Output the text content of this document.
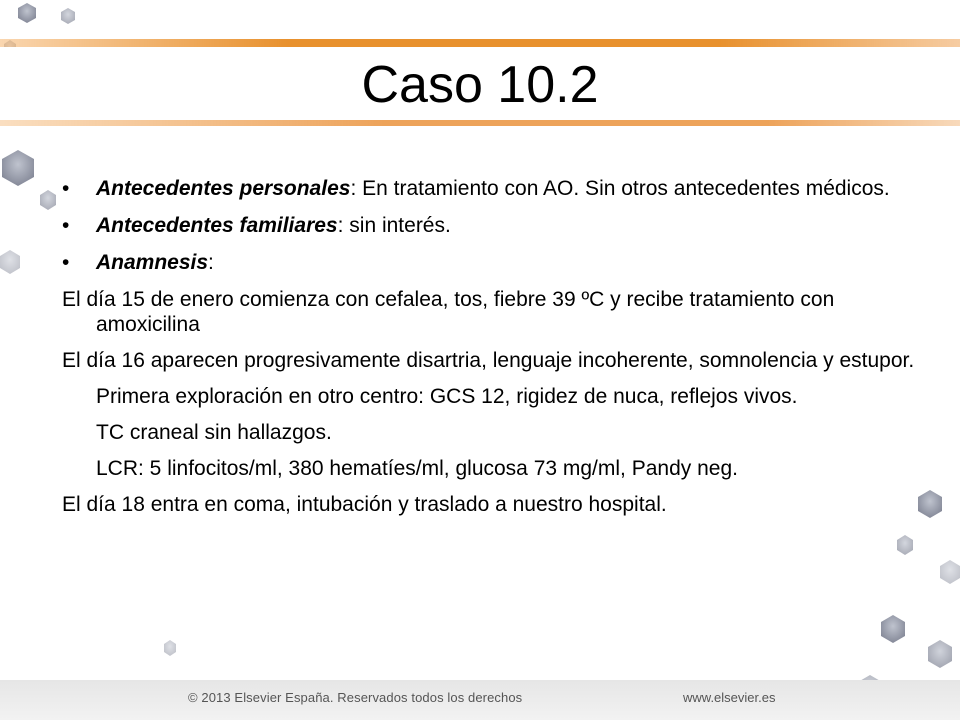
Caso 10.2
• Antecedentes personales: En tratamiento con AO. Sin otros antecedentes médicos.
• Antecedentes familiares: sin interés.
• Anamnesis:
El día 15 de enero comienza con cefalea, tos, fiebre 39 ºC y recibe tratamiento con amoxicilina
El día 16 aparecen progresivamente disartria, lenguaje incoherente, somnolencia y estupor.
Primera exploración en otro centro: GCS 12, rigidez de nuca, reflejos vivos.
TC craneal sin hallazgos.
LCR: 5 linfocitos/ml, 380 hematíes/ml, glucosa 73 mg/ml, Pandy neg.
El día 18 entra en coma, intubación y traslado a nuestro hospital.
© 2013 Elsevier España. Reservados todos los derechos	www.elsevier.es
